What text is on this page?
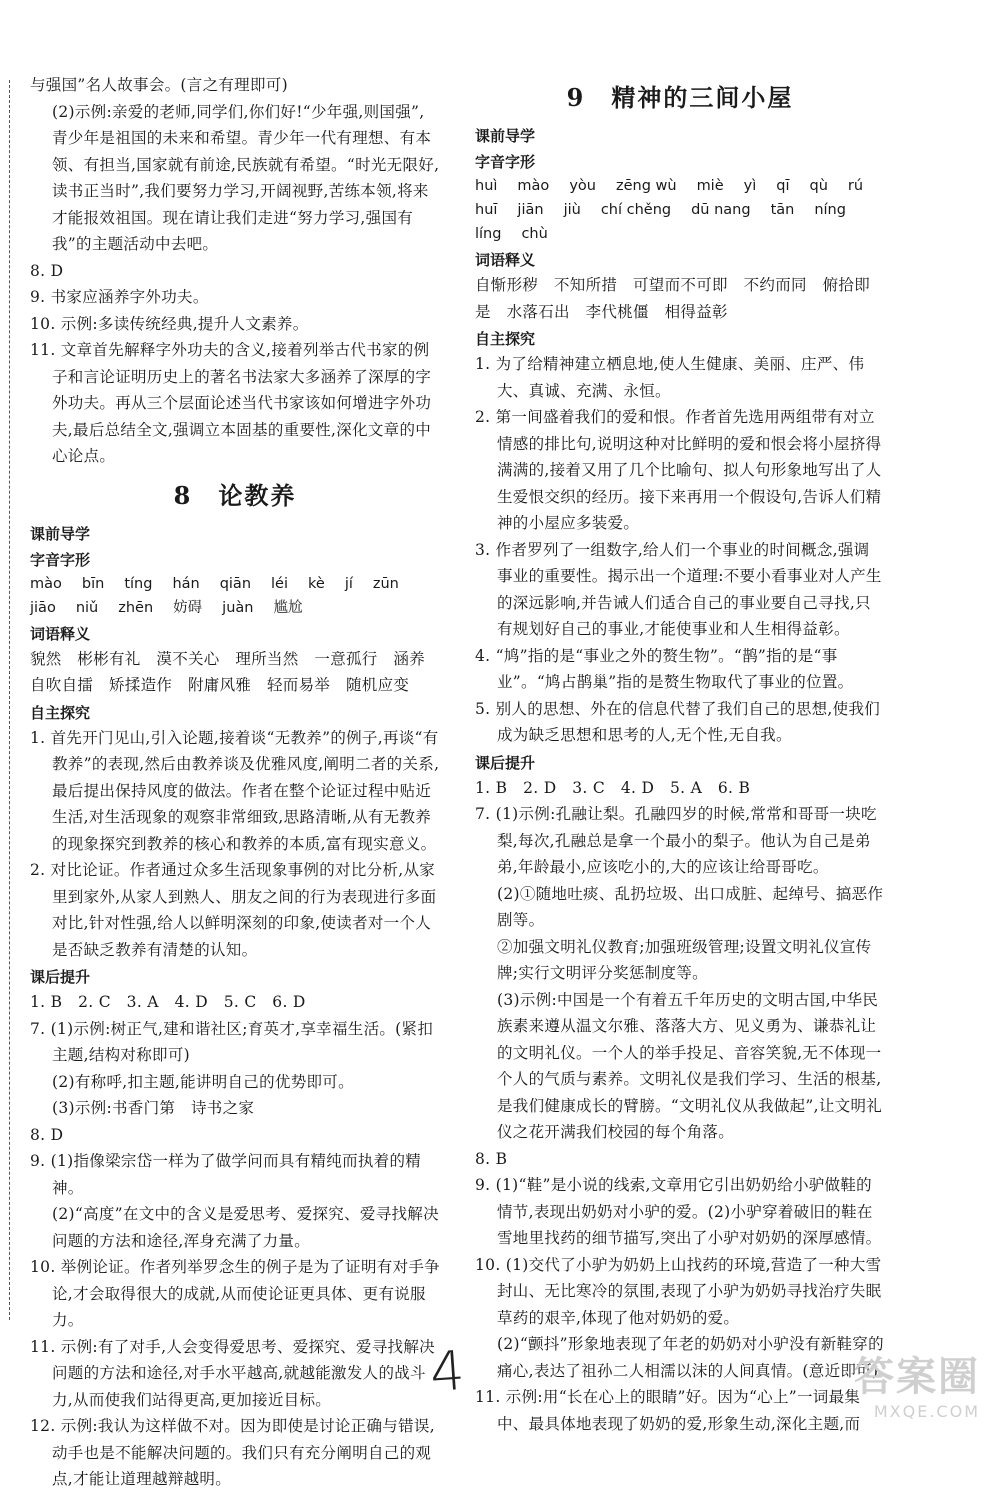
与强国”名人故事会。(言之有理即可)

(2)示例:亲爱的老师,同学们,你们好!“少年强,则国强”,青少年是祖国的未来和希望。青少年一代有理想、有本领、有担当,国家就有前途,民族就有希望。“时光无限好,读书正当时”,我们要努力学习,开阔视野,苦练本领,将来才能报效祖国。现在请让我们走进“努力学习,强国有我”的主题活动中去吧。

8. D

9. 书家应涵养字外功夫。

10. 示例:多读传统经典,提升人文素养。

11. 文章首先解释字外功夫的含义,接着列举古代书家的例子和言论证明历史上的著名书法家大多涵养了深厚的字外功夫。再从三个层面论述当代书家该如何增进字外功夫,最后总结全文,强调立本固基的重要性,深化文章的中心论点。

8　论教养

课前导学

字音字形

mào bīn tíng hán qiān léi kè jí zūn

jiāo niǔ zhēn 妨碍 juàn 尴尬

词语释义

貌然　彬彬有礼　漠不关心　理所当然　一意孤行　涵养　自吹自擂　矫揉造作　附庸风雅　轻而易举　随机应变

自主探究

1. 首先开门见山,引入论题,接着谈“无教养”的例子,再谈“有教养”的表现,然后由教养谈及优雅风度,阐明二者的关系,最后提出保持风度的做法。作者在整个论证过程中贴近生活,对生活现象的观察非常细致,思路清晰,从有无教养的现象探究到教养的核心和教养的本质,富有现实意义。

2. 对比论证。作者通过众多生活现象事例的对比分析,从家里到家外,从家人到熟人、朋友之间的行为表现进行多面对比,针对性强,给人以鲜明深刻的印象,使读者对一个人是否缺乏教养有清楚的认知。

课后提升

1. B　2. C　3. A　4. D　5. C　6. D

7. (1)示例:树正气,建和谐社区;育英才,享幸福生活。(紧扣主题,结构对称即可)

(2)有称呼,扣主题,能讲明自己的优势即可。

(3)示例:书香门第　诗书之家

8. D

9. (1)指像梁宗岱一样为了做学问而具有精纯而执着的精神。

(2)“高度”在文中的含义是爱思考、爱探究、爱寻找解决问题的方法和途径,浑身充满了力量。

10. 举例论证。作者列举罗念生的例子是为了证明有对手争论,才会取得很大的成就,从而使论证更具体、更有说服力。

11. 示例:有了对手,人会变得爱思考、爱探究、爱寻找解决问题的方法和途径,对手水平越高,就越能激发人的战斗力,从而使我们站得更高,更加接近目标。

12. 示例:我认为这样做不对。因为即使是讨论正确与错误,动手也是不能解决问题的。我们只有充分阐明自己的观点,才能让道理越辩越明。

9　精神的三间小屋

课前导学

字音字形

huì mào yòu zēng wù miè yì qī qù rú

huī jiān jiù chí chěng dū nang tān níng

líng chù

词语释义

自惭形秽　不知所措　可望而不可即　不约而同　俯拾即是　水落石出　李代桃僵　相得益彰

自主探究

1. 为了给精神建立栖息地,使人生健康、美丽、庄严、伟大、真诚、充满、永恒。

2. 第一间盛着我们的爱和恨。作者首先选用两组带有对立情感的排比句,说明这种对比鲜明的爱和恨会将小屋挤得满满的,接着又用了几个比喻句、拟人句形象地写出了人生爱恨交织的经历。接下来再用一个假设句,告诉人们精神的小屋应多装爱。

3. 作者罗列了一组数字,给人们一个事业的时间概念,强调事业的重要性。揭示出一个道理:不要小看事业对人产生的深远影响,并告诫人们适合自己的事业要自己寻找,只有规划好自己的事业,才能使事业和人生相得益彰。

4. “鸠”指的是“事业之外的赘生物”。“鹊”指的是“事业”。“鸠占鹊巢”指的是赘生物取代了事业的位置。

5. 别人的思想、外在的信息代替了我们自己的思想,使我们成为缺乏思想和思考的人,无个性,无自我。

课后提升

1. B　2. D　3. C　4. D　5. A　6. B

7. (1)示例:孔融让梨。孔融四岁的时候,常常和哥哥一块吃梨,每次,孔融总是拿一个最小的梨子。他认为自己是弟弟,年龄最小,应该吃小的,大的应该让给哥哥吃。

(2)①随地吐痰、乱扔垃圾、出口成脏、起绰号、搞恶作剧等。

②加强文明礼仪教育;加强班级管理;设置文明礼仪宣传牌;实行文明评分奖惩制度等。

(3)示例:中国是一个有着五千年历史的文明古国,中华民族素来遵从温文尔雅、落落大方、见义勇为、谦恭礼让的文明礼仪。一个人的举手投足、音容笑貌,无不体现一个人的气质与素养。文明礼仪是我们学习、生活的根基,是我们健康成长的臂膀。“文明礼仪从我做起”,让文明礼仪之花开满我们校园的每个角落。

8. B

9. (1)“鞋”是小说的线索,文章用它引出奶奶给小驴做鞋的情节,表现出奶奶对小驴的爱。(2)小驴穿着破旧的鞋在雪地里找药的细节描写,突出了小驴对奶奶的深厚感情。

10. (1)交代了小驴为奶奶上山找药的环境,营造了一种大雪封山、无比寒冷的氛围,表现了小驴为奶奶寻找治疗失眠草药的艰辛,体现了他对奶奶的爱。

(2)“颤抖”形象地表现了年老的奶奶对小驴没有新鞋穿的痛心,表达了祖孙二人相濡以沫的人间真情。(意近即可)

11. 示例:用“长在心上的眼睛”好。因为“心上”一词最集中、最具体地表现了奶奶的爱,形象生动,深化主题,而

4	答案圈
MXQE.COM
